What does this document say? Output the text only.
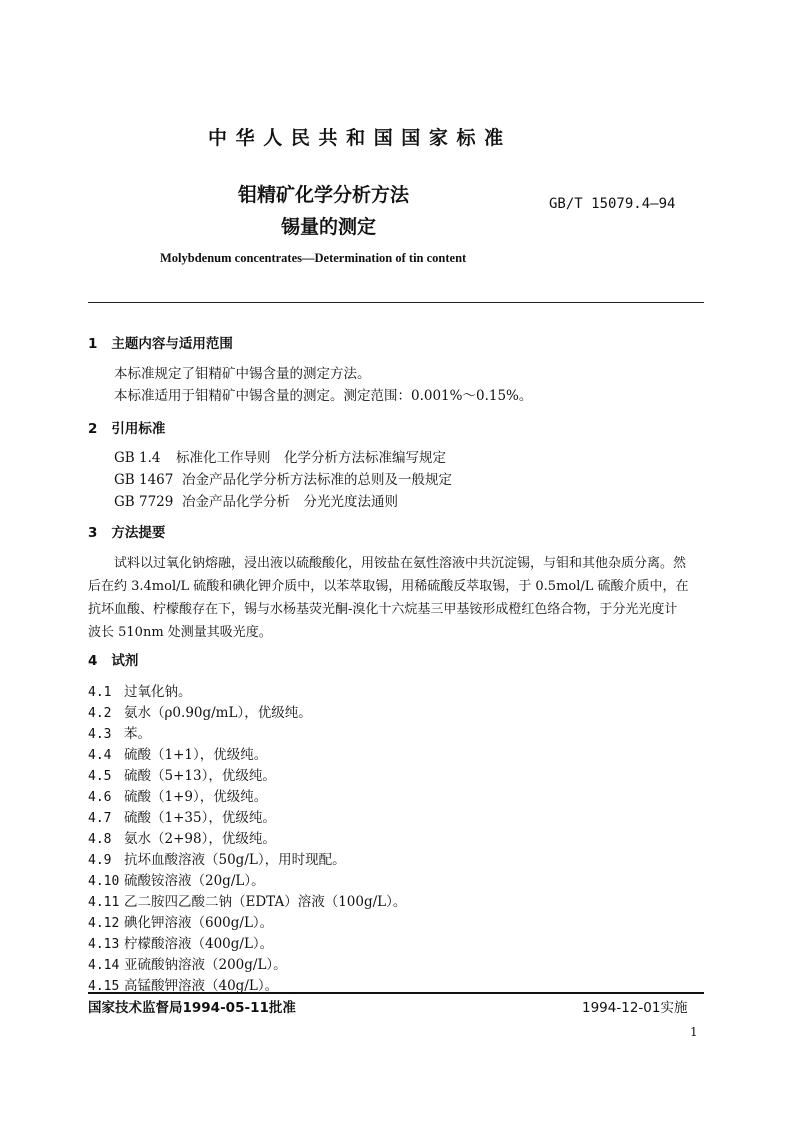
中 华 人 民 共 和 国 国 家 标 准
钼精矿化学分析方法
锡量的测定
GB/T 15079.4—94
Molybdenum concentrates—Determination of tin content
1 主题内容与适用范围
本标准规定了钼精矿中锡含量的测定方法。
本标准适用于钼精矿中锡含量的测定。测定范围：0.001%～0.15%。
2 引用标准
GB 1.4 标准化工作导则　化学分析方法标准编写规定
GB 1467 冶金产品化学分析方法标准的总则及一般规定
GB 7729 冶金产品化学分析　分光光度法通则
3 方法提要
试料以过氧化钠熔融，浸出液以硫酸酸化，用铵盐在氨性溶液中共沉淀锡，与钼和其他杂质分离。然
后在约 3.4mol/L 硫酸和碘化钾介质中，以苯萃取锡，用稀硫酸反萃取锡，于 0.5mol/L 硫酸介质中，在
抗坏血酸、柠檬酸存在下，锡与水杨基荧光酮-溴化十六烷基三甲基铵形成橙红色络合物，于分光光度计
波长 510nm 处测量其吸光度。
4 试剂
4.1 过氧化钠。
4.2 氨水（ρ0.90g/mL），优级纯。
4.3 苯。
4.4 硫酸（1+1），优级纯。
4.5 硫酸（5+13），优级纯。
4.6 硫酸（1+9），优级纯。
4.7 硫酸（1+35），优级纯。
4.8 氨水（2+98），优级纯。
4.9 抗坏血酸溶液（50g/L），用时现配。
4.10 硫酸铵溶液（20g/L）。
4.11 乙二胺四乙酸二钠（EDTA）溶液（100g/L）。
4.12 碘化钾溶液（600g/L）。
4.13 柠檬酸溶液（400g/L）。
4.14 亚硫酸钠溶液（200g/L）。
4.15 高锰酸钾溶液（40g/L）。
国家技术监督局1994-05-11批准	1994-12-01实施
1
